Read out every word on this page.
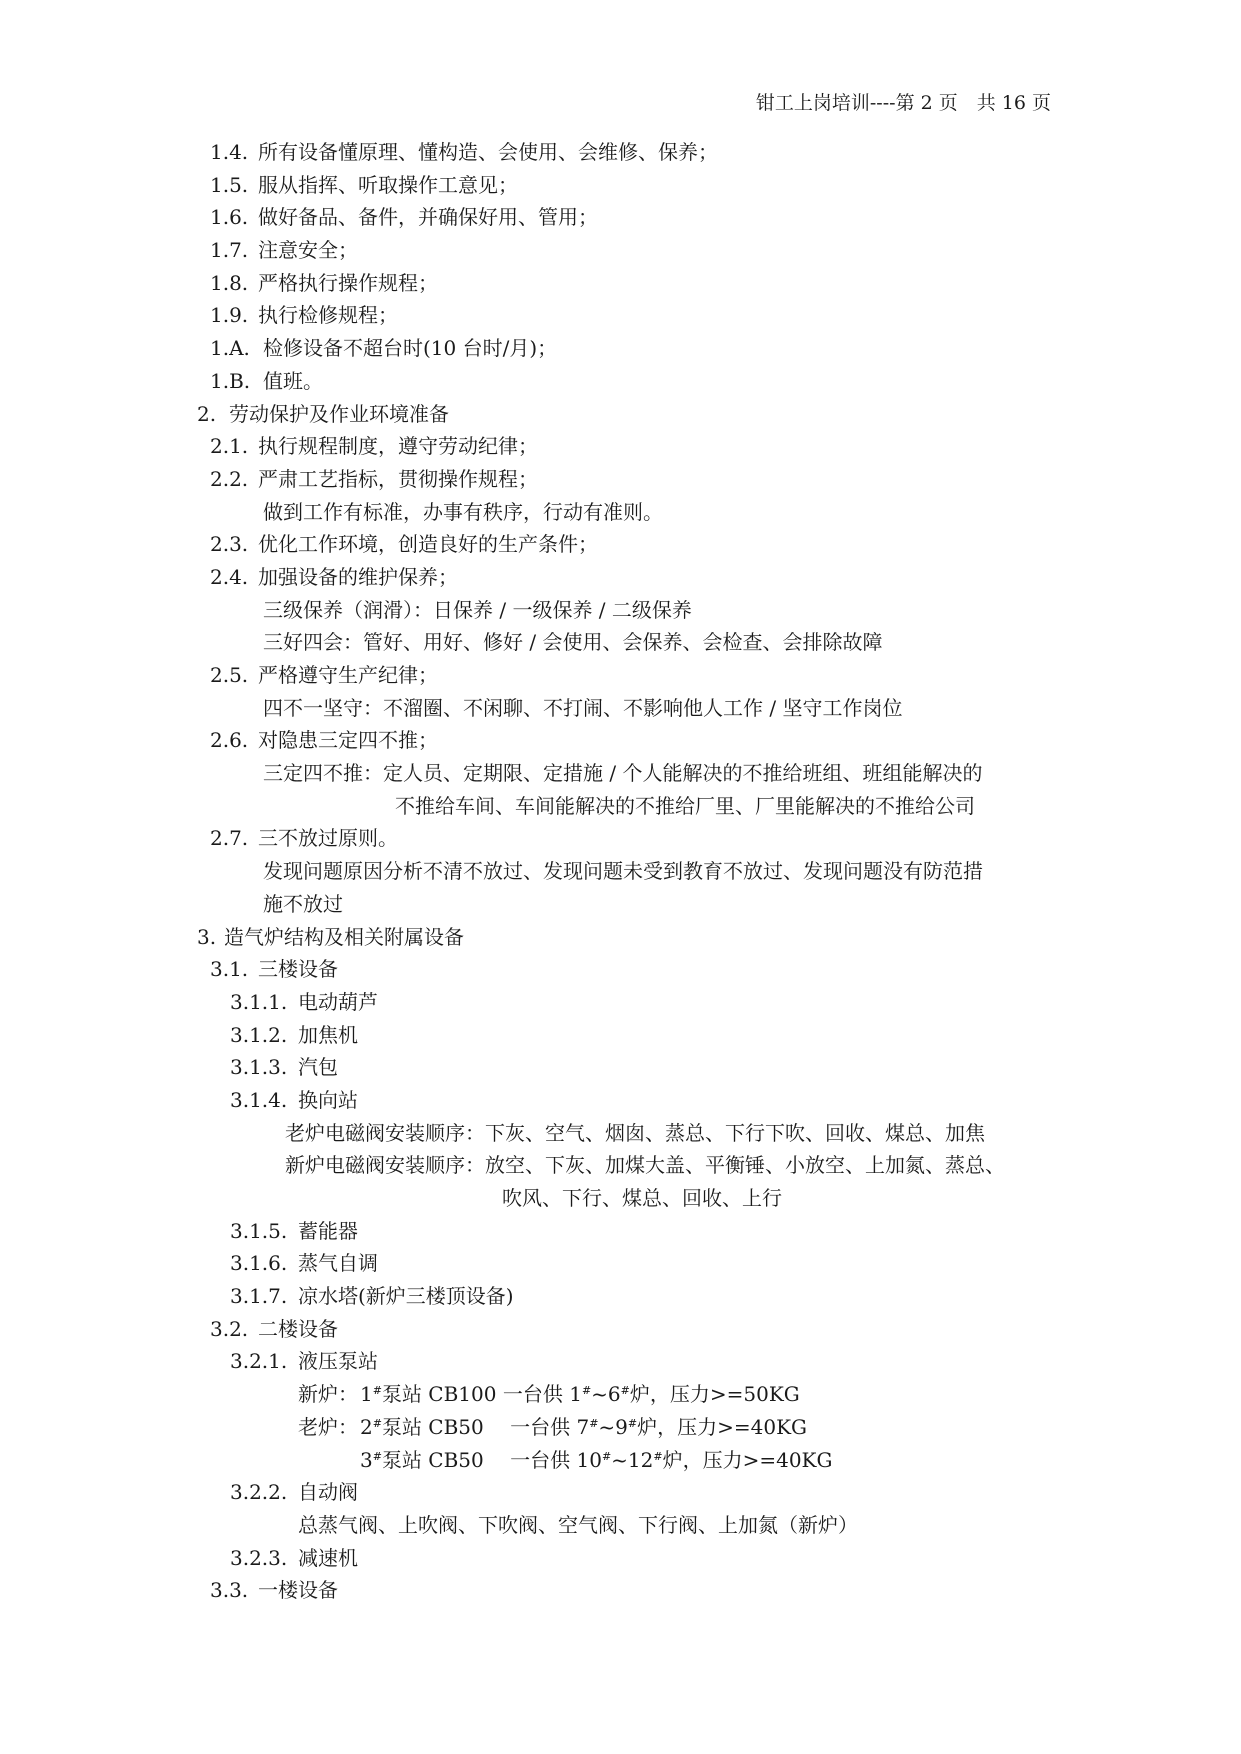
钳工上岗培训----第 2 页　共 16 页
1.4. 所有设备懂原理、懂构造、会使用、会维修、保养；
1.5. 服从指挥、听取操作工意见；
1.6. 做好备品、备件，并确保好用、管用；
1.7. 注意安全；
1.8. 严格执行操作规程；
1.9. 执行检修规程；
1.A. 检修设备不超台时(10 台时/月)；
1.B. 值班。
2. 劳动保护及作业环境准备
2.1. 执行规程制度，遵守劳动纪律；
2.2. 严肃工艺指标，贯彻操作规程；
做到工作有标准，办事有秩序，行动有准则。
2.3. 优化工作环境，创造良好的生产条件；
2.4. 加强设备的维护保养；
三级保养（润滑）：日保养 / 一级保养 / 二级保养
三好四会：管好、用好、修好 / 会使用、会保养、会检查、会排除故障
2.5. 严格遵守生产纪律；
四不一坚守：不溜圈、不闲聊、不打闹、不影响他人工作 / 坚守工作岗位
2.6. 对隐患三定四不推；
三定四不推：定人员、定期限、定措施 / 个人能解决的不推给班组、班组能解决的
不推给车间、车间能解决的不推给厂里、厂里能解决的不推给公司
2.7. 三不放过原则。
发现问题原因分析不清不放过、发现问题未受到教育不放过、发现问题没有防范措
施不放过
3. 造气炉结构及相关附属设备
3.1. 三楼设备
3.1.1. 电动葫芦
3.1.2. 加焦机
3.1.3. 汽包
3.1.4. 换向站
老炉电磁阀安装顺序：下灰、空气、烟囱、蒸总、下行下吹、回收、煤总、加焦
新炉电磁阀安装顺序：放空、下灰、加煤大盖、平衡锤、小放空、上加氮、蒸总、
吹风、下行、煤总、回收、上行
3.1.5. 蓄能器
3.1.6. 蒸气自调
3.1.7. 凉水塔(新炉三楼顶设备)
3.2. 二楼设备
3.2.1. 液压泵站
新炉： 1#泵站 CB100 一台供 1#~6#炉，压力>=50KG
老炉： 2#泵站 CB50　 一台供 7#~9#炉，压力>=40KG
3#泵站 CB50　 一台供 10#~12#炉，压力>=40KG
3.2.2. 自动阀
总蒸气阀、上吹阀、下吹阀、空气阀、下行阀、上加氮（新炉）
3.2.3. 减速机
3.3. 一楼设备
